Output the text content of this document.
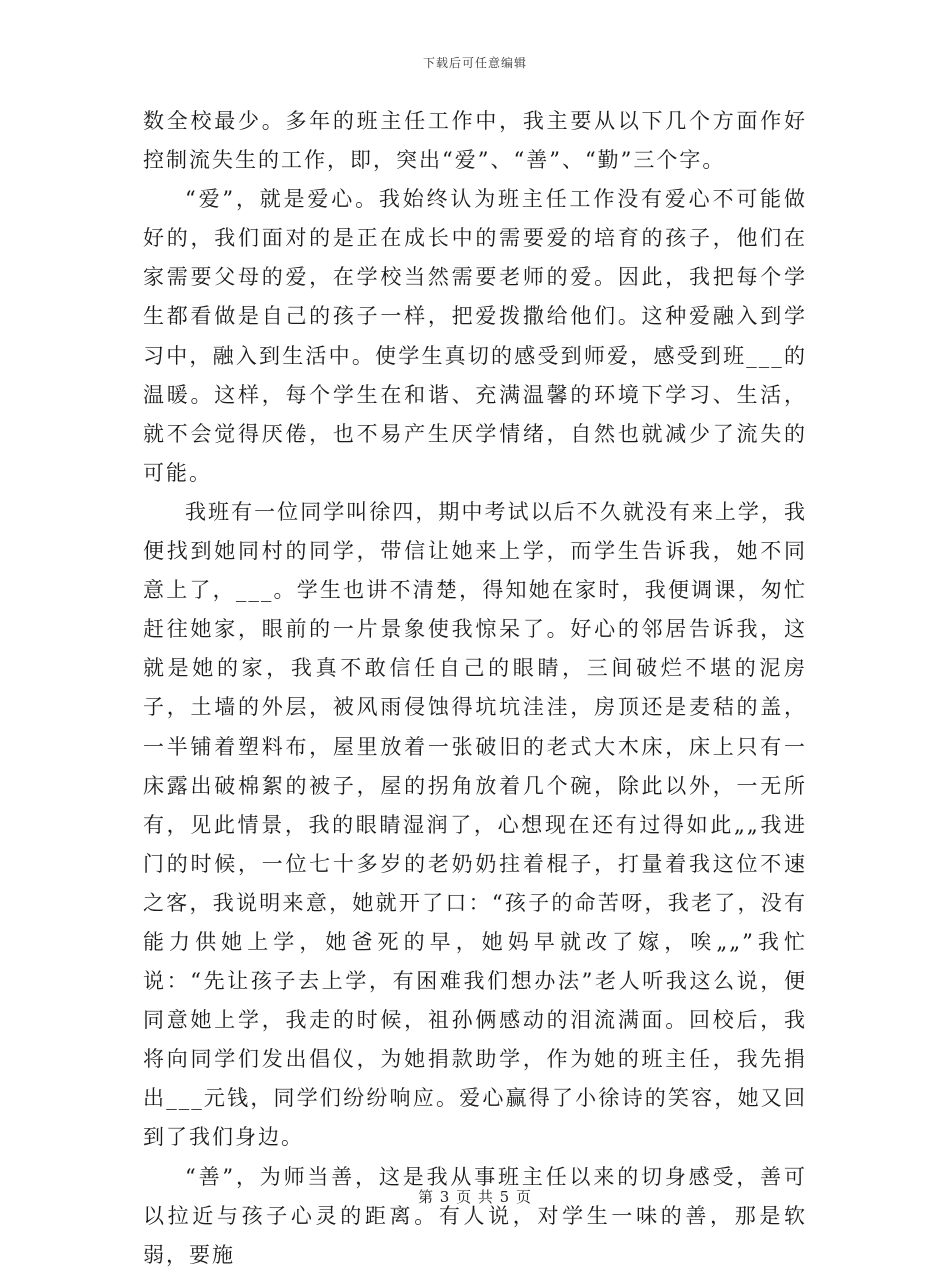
下载后可任意编辑

数全校最少。多年的班主任工作中，我主要从以下几个方面作好控制流失生的工作，即，突出“爱”、“善”、“勤”三个字。

“爱”，就是爱心。我始终认为班主任工作没有爱心不可能做好的，我们面对的是正在成长中的需要爱的培育的孩子，他们在家需要父母的爱，在学校当然需要老师的爱。因此，我把每个学生都看做是自己的孩子一样，把爱拨撒给他们。这种爱融入到学习中，融入到生活中。使学生真切的感受到师爱，感受到班___的温暖。这样，每个学生在和谐、充满温馨的环境下学习、生活，就不会觉得厌倦，也不易产生厌学情绪，自然也就减少了流失的可能。

我班有一位同学叫徐四，期中考试以后不久就没有来上学，我便找到她同村的同学，带信让她来上学，而学生告诉我，她不同意上了，___。学生也讲不清楚，得知她在家时，我便调课，匆忙赶往她家，眼前的一片景象使我惊呆了。好心的邻居告诉我，这就是她的家，我真不敢信任自己的眼睛，三间破烂不堪的泥房子，土墙的外层，被风雨侵蚀得坑坑洼洼，房顶还是麦秸的盖，一半铺着塑料布，屋里放着一张破旧的老式大木床，床上只有一床露出破棉絮的被子，屋的拐角放着几个碗，除此以外，一无所有，见此情景，我的眼睛湿润了，心想现在还有过得如此„„我进门的时候，一位七十多岁的老奶奶拄着棍子，打量着我这位不速之客，我说明来意，她就开了口：“孩子的命苦呀，我老了，没有能力供她上学，她爸死的早，她妈早就改了嫁，唉„„”我忙说：“先让孩子去上学，有困难我们想办法”老人听我这么说，便同意她上学，我走的时候，祖孙俩感动的泪流满面。回校后，我将向同学们发出倡仪，为她捐款助学，作为她的班主任，我先捐出___元钱，同学们纷纷响应。爱心赢得了小徐诗的笑容，她又回到了我们身边。

“善”，为师当善，这是我从事班主任以来的切身感受，善可以拉近与孩子心灵的距离。有人说，对学生一味的善，那是软弱，要施

第 3 页 共 5 页
